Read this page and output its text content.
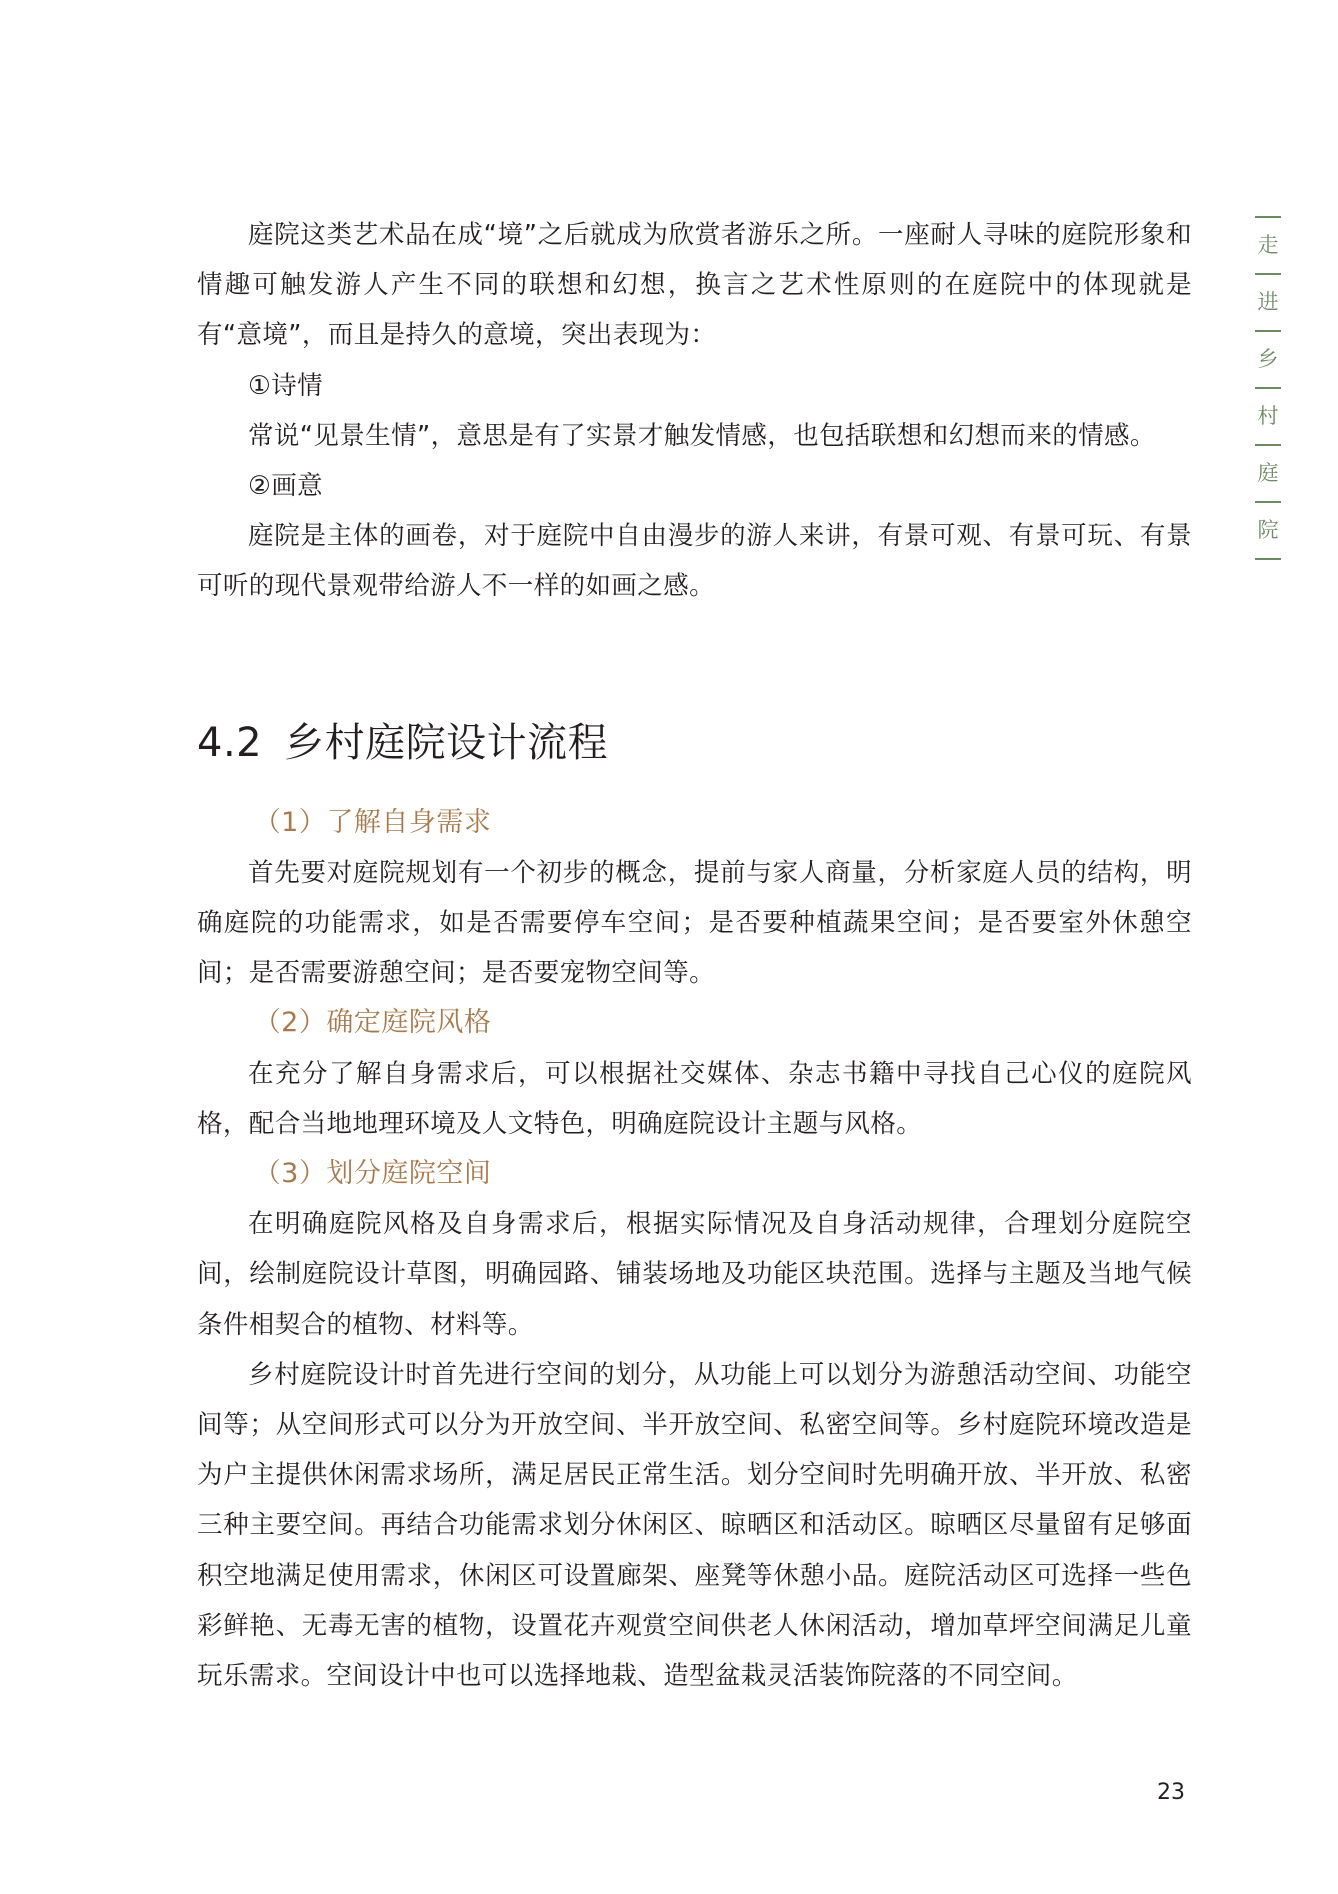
庭院这类艺术品在成“境”之后就成为欣赏者游乐之所。一座耐人寻味的庭院形象和情趣可触发游人产生不同的联想和幻想，换言之艺术性原则的在庭院中的体现就是有“意境”，而且是持久的意境，突出表现为：

①诗情

常说“见景生情”，意思是有了实景才触发情感，也包括联想和幻想而来的情感。

②画意

庭院是主体的画卷，对于庭院中自由漫步的游人来讲，有景可观、有景可玩、有景可听的现代景观带给游人不一样的如画之感。

4.2 乡村庭院设计流程

（1）了解自身需求

首先要对庭院规划有一个初步的概念，提前与家人商量，分析家庭人员的结构，明确庭院的功能需求，如是否需要停车空间；是否要种植蔬果空间；是否要室外休憩空间；是否需要游憩空间；是否要宠物空间等。

（2）确定庭院风格

在充分了解自身需求后，可以根据社交媒体、杂志书籍中寻找自己心仪的庭院风格，配合当地地理环境及人文特色，明确庭院设计主题与风格。

（3）划分庭院空间

在明确庭院风格及自身需求后，根据实际情况及自身活动规律，合理划分庭院空间，绘制庭院设计草图，明确园路、铺装场地及功能区块范围。选择与主题及当地气候条件相契合的植物、材料等。

乡村庭院设计时首先进行空间的划分，从功能上可以划分为游憩活动空间、功能空间等；从空间形式可以分为开放空间、半开放空间、私密空间等。乡村庭院环境改造是为户主提供休闲需求场所，满足居民正常生活。划分空间时先明确开放、半开放、私密三种主要空间。再结合功能需求划分休闲区、晾晒区和活动区。晾晒区尽量留有足够面积空地满足使用需求，休闲区可设置廊架、座凳等休憩小品。庭院活动区可选择一些色彩鲜艳、无毒无害的植物，设置花卉观赏空间供老人休闲活动，增加草坪空间满足儿童玩乐需求。空间设计中也可以选择地栽、造型盆栽灵活装饰院落的不同空间。

走
进
乡
村
庭
院
23
